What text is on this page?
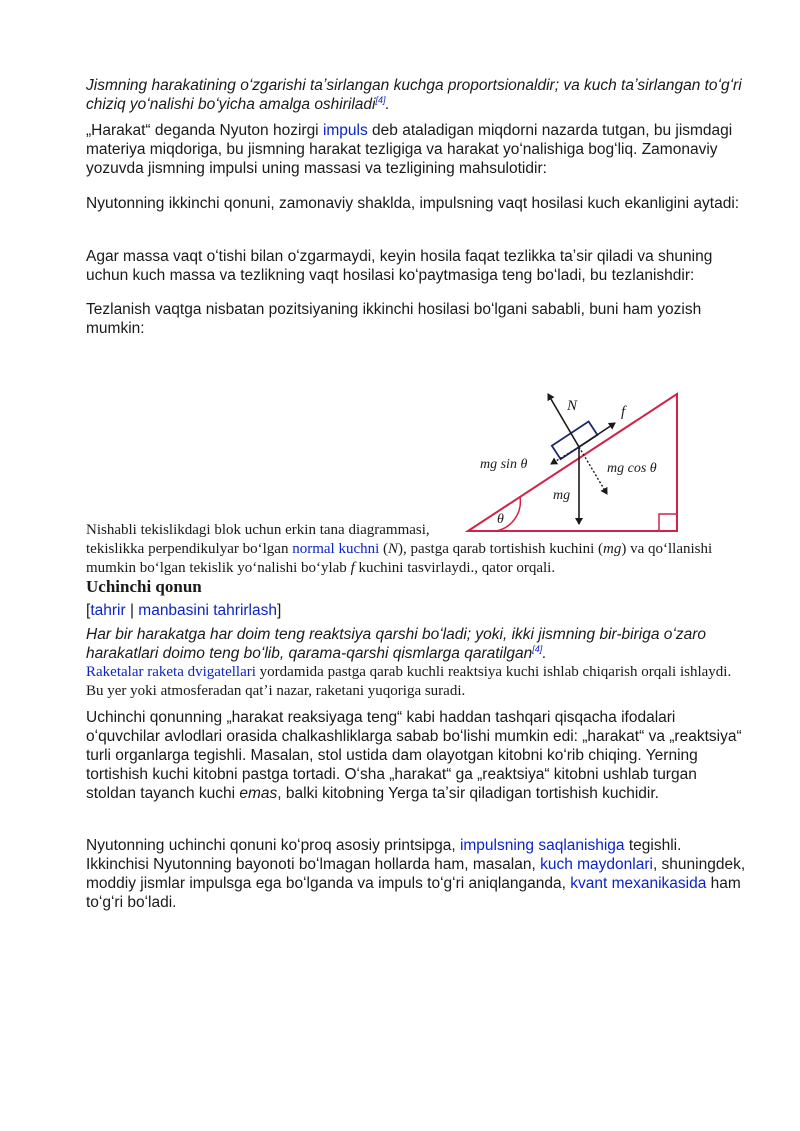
Jismning harakatining oʻzgarishi taʼsirlangan kuchga proportsionaldir; va kuch taʼsirlangan toʻgʻri chiziq yoʻnalishi boʻyicha amalga oshiriladi[4].

„Harakat“ deganda Nyuton hozirgi impuls deb ataladigan miqdorni nazarda tutgan, bu jismdagi materiya miqdoriga, bu jismning harakat tezligiga va harakat yoʻnalishiga bogʻliq. Zamonaviy yozuvda jismning impulsi uning massasi va tezligining mahsulotidir:

Nyutonning ikkinchi qonuni, zamonaviy shaklda, impulsning vaqt hosilasi kuch ekanligini aytadi:

Agar massa vaqt oʻtishi bilan oʻzgarmaydi, keyin hosila faqat tezlikka taʼsir qiladi va shuning uchun kuch massa va tezlikning vaqt hosilasi koʻpaytmasiga teng boʻladi, bu tezlanishdir:

Tezlanish vaqtga nisbatan pozitsiyaning ikkinchi hosilasi boʻlgani sababli, buni ham yozish mumkin:

N	f
mg sin θ	mg cos θ
mg
θ

Nishabli tekislikdagi blok uchun erkin tana diagrammasi,

tekislikka perpendikulyar boʻlgan normal kuchni (N), pastga qarab tortishish kuchini (mg) va qoʻllanishi mumkin boʻlgan tekislik yoʻnalishi boʻylab f kuchini tasvirlaydi., qator orqali.

Uchinchi qonun

[tahrir | manbasini tahrirlash]

Har bir harakatga har doim teng reaktsiya qarshi boʻladi; yoki, ikki jismning bir-biriga oʻzaro harakatlari doimo teng boʻlib, qarama-qarshi qismlarga qaratilgan[4].

Raketalar raketa dvigatellari yordamida pastga qarab kuchli reaktsiya kuchi ishlab chiqarish orqali ishlaydi. Bu yer yoki atmosferadan qatʼi nazar, raketani yuqoriga suradi.

Uchinchi qonunning „harakat reaksiyaga teng“ kabi haddan tashqari qisqacha ifodalari oʻquvchilar avlodlari orasida chalkashliklarga sabab boʻlishi mumkin edi: „harakat“ va „reaktsiya“ turli organlarga tegishli. Masalan, stol ustida dam olayotgan kitobni koʻrib chiqing. Yerning tortishish kuchi kitobni pastga tortadi. Oʻsha „harakat“ ga „reaktsiya“ kitobni ushlab turgan stoldan tayanch kuchi emas, balki kitobning Yerga taʼsir qiladigan tortishish kuchidir.

Nyutonning uchinchi qonuni koʻproq asosiy printsipga, impulsning saqlanishiga tegishli. Ikkinchisi Nyutonning bayonoti boʻlmagan hollarda ham, masalan, kuch maydonlari, shuningdek, moddiy jismlar impulsga ega boʻlganda va impuls toʻgʻri aniqlanganda, kvant mexanikasida ham toʻgʻri boʻladi.
